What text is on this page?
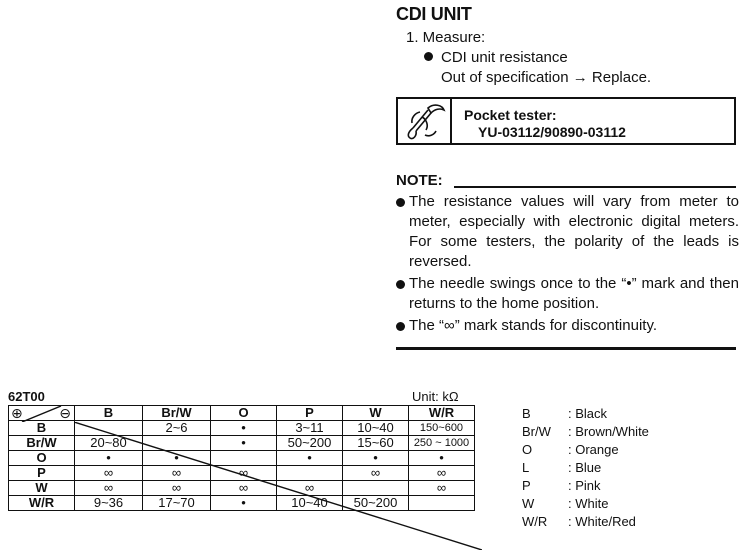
CDI UNIT
1. Measure:
CDI unit resistance
Out of specification → Replace.
Pocket tester:
YU-03112/90890-03112
NOTE:
The resistance values will vary from meter to meter, especially with electronic digital meters. For some testers, the polarity of the leads is reversed.
The needle swings once to the “•” mark and then returns to the home position.
The “∞” mark stands for discontinuity.
62T00	Unit: kΩ
⊕ ⊖	B	Br/W	O	P	W	W/R
B		2~6	•	3~11	10~40	150~600
Br/W	20~80		•	50~200	15~60	250 ~ 1000
O	•	•		•	•	•
P	∞	∞	∞		∞	∞
W	∞	∞	∞	∞		∞
W/R	9~36	17~70	•	10~40	50~200	
B	: Black
Br/W : Brown/White
O	: Orange
L	: Blue
P	: Pink
W	: White
W/R : White/Red
